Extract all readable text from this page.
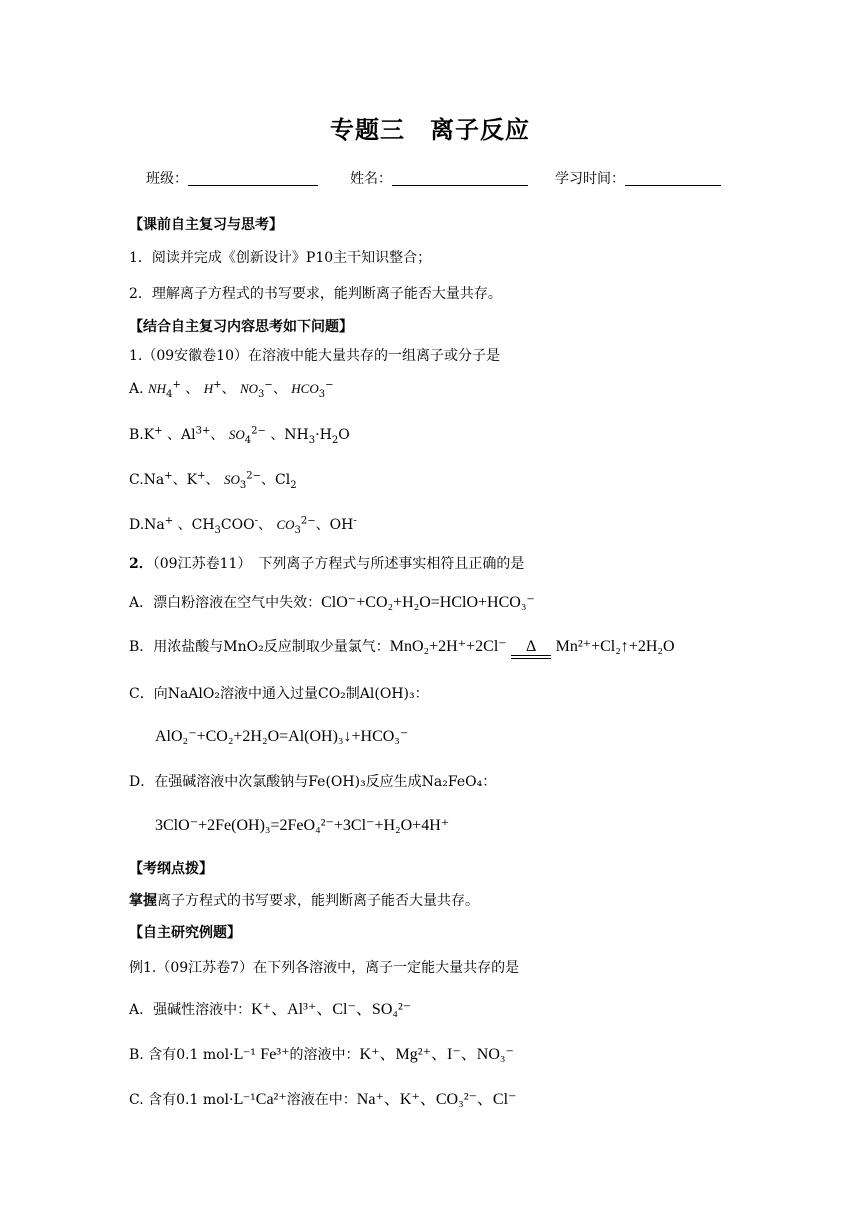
专题三　离子反应
班级：	姓名：	学习时间：
【课前自主复习与思考】
1．阅读并完成《创新设计》P10主干知识整合；
2．理解离子方程式的书写要求，能判断离子能否大量共存。
【结合自主复习内容思考如下问题】
1.（09安徽卷10）在溶液中能大量共存的一组离子或分子是
A. $NH_4^+$ 、 H+、 $NO_3^-$、 $HCO_3^-$
B.K+ 、$Al^{3+}$、 $SO_4^{2-}$ 、$NH_3\cdot H_2O$
C.Na+、K+、 $SO_3^{2-}$、$Cl_2$
D.Na+ 、$CH_3COO^-$、 $CO_3^{2-}$、OH-
2．（09江苏卷11）　下列离子方程式与所述事实相符且正确的是
A．漂白粉溶液在空气中失效：ClO⁻+CO₂+H₂O=HClO+HCO₃⁻
B．用浓盐酸与MnO₂反应制取少量氯气：MnO₂+2H⁺+2Cl⁻ Δ Mn²⁺+Cl₂↑+2H₂O
C．向NaAlO₂溶液中通入过量CO₂制Al(OH)₃：
AlO₂⁻+CO₂+2H₂O=Al(OH)₃↓+HCO₃⁻
D．在强碱溶液中次氯酸钠与Fe(OH)₃反应生成Na₂FeO₄：
3ClO⁻+2Fe(OH)₃=2FeO₄²⁻+3Cl⁻+H₂O+4H⁺
【考纲点拨】
掌握离子方程式的书写要求，能判断离子能否大量共存。
【自主研究例题】
例1.（09江苏卷7）在下列各溶液中，离子一定能大量共存的是
A．强碱性溶液中：K⁺、Al³⁺、Cl⁻、SO₄²⁻
B. 含有0.1 mol·L⁻¹ Fe³⁺的溶液中：K⁺、Mg²⁺、I⁻、NO₃⁻
C. 含有0.1 mol·L⁻¹Ca²⁺溶液在中：Na⁺、K⁺、CO₃²⁻、Cl⁻
